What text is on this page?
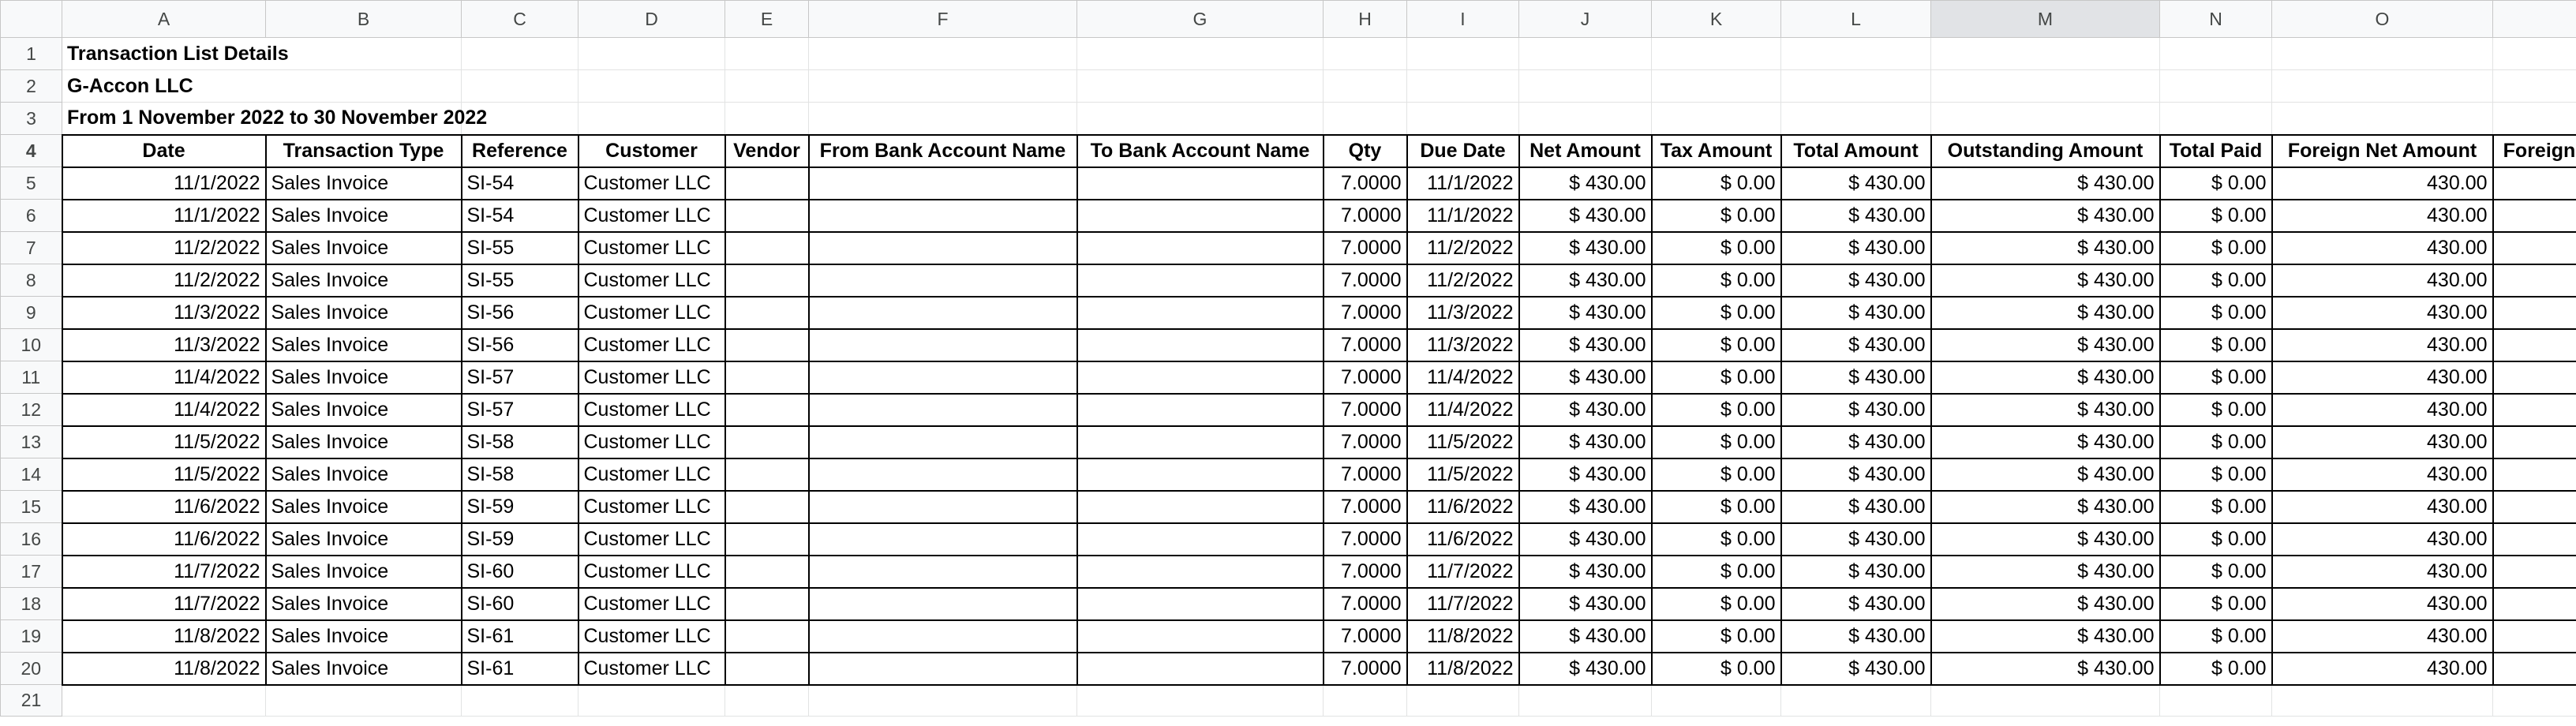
	A	B	C	D	E	F	G	H	I	J	K	L	M	N	O	
1	Transaction List Details															
2	G-Accon LLC															
3	From 1 November 2022 to 30 November 2022															
4	Date	Transaction Type	Reference	Customer	Vendor	From Bank Account Name	To Bank Account Name	Qty	Due Date	Net Amount	Tax Amount	Total Amount	Outstanding Amount	Total Paid	Foreign Net Amount	Foreign
5	11/1/2022	Sales Invoice	SI-54	Customer LLC				7.0000	11/1/2022	$ 430.00	$ 0.00	$ 430.00	$ 430.00	$ 0.00	430.00	
6	11/1/2022	Sales Invoice	SI-54	Customer LLC				7.0000	11/1/2022	$ 430.00	$ 0.00	$ 430.00	$ 430.00	$ 0.00	430.00	
7	11/2/2022	Sales Invoice	SI-55	Customer LLC				7.0000	11/2/2022	$ 430.00	$ 0.00	$ 430.00	$ 430.00	$ 0.00	430.00	
8	11/2/2022	Sales Invoice	SI-55	Customer LLC				7.0000	11/2/2022	$ 430.00	$ 0.00	$ 430.00	$ 430.00	$ 0.00	430.00	
9	11/3/2022	Sales Invoice	SI-56	Customer LLC				7.0000	11/3/2022	$ 430.00	$ 0.00	$ 430.00	$ 430.00	$ 0.00	430.00	
10	11/3/2022	Sales Invoice	SI-56	Customer LLC				7.0000	11/3/2022	$ 430.00	$ 0.00	$ 430.00	$ 430.00	$ 0.00	430.00	
11	11/4/2022	Sales Invoice	SI-57	Customer LLC				7.0000	11/4/2022	$ 430.00	$ 0.00	$ 430.00	$ 430.00	$ 0.00	430.00	
12	11/4/2022	Sales Invoice	SI-57	Customer LLC				7.0000	11/4/2022	$ 430.00	$ 0.00	$ 430.00	$ 430.00	$ 0.00	430.00	
13	11/5/2022	Sales Invoice	SI-58	Customer LLC				7.0000	11/5/2022	$ 430.00	$ 0.00	$ 430.00	$ 430.00	$ 0.00	430.00	
14	11/5/2022	Sales Invoice	SI-58	Customer LLC				7.0000	11/5/2022	$ 430.00	$ 0.00	$ 430.00	$ 430.00	$ 0.00	430.00	
15	11/6/2022	Sales Invoice	SI-59	Customer LLC				7.0000	11/6/2022	$ 430.00	$ 0.00	$ 430.00	$ 430.00	$ 0.00	430.00	
16	11/6/2022	Sales Invoice	SI-59	Customer LLC				7.0000	11/6/2022	$ 430.00	$ 0.00	$ 430.00	$ 430.00	$ 0.00	430.00	
17	11/7/2022	Sales Invoice	SI-60	Customer LLC				7.0000	11/7/2022	$ 430.00	$ 0.00	$ 430.00	$ 430.00	$ 0.00	430.00	
18	11/7/2022	Sales Invoice	SI-60	Customer LLC				7.0000	11/7/2022	$ 430.00	$ 0.00	$ 430.00	$ 430.00	$ 0.00	430.00	
19	11/8/2022	Sales Invoice	SI-61	Customer LLC				7.0000	11/8/2022	$ 430.00	$ 0.00	$ 430.00	$ 430.00	$ 0.00	430.00	
20	11/8/2022	Sales Invoice	SI-61	Customer LLC				7.0000	11/8/2022	$ 430.00	$ 0.00	$ 430.00	$ 430.00	$ 0.00	430.00	
21																
